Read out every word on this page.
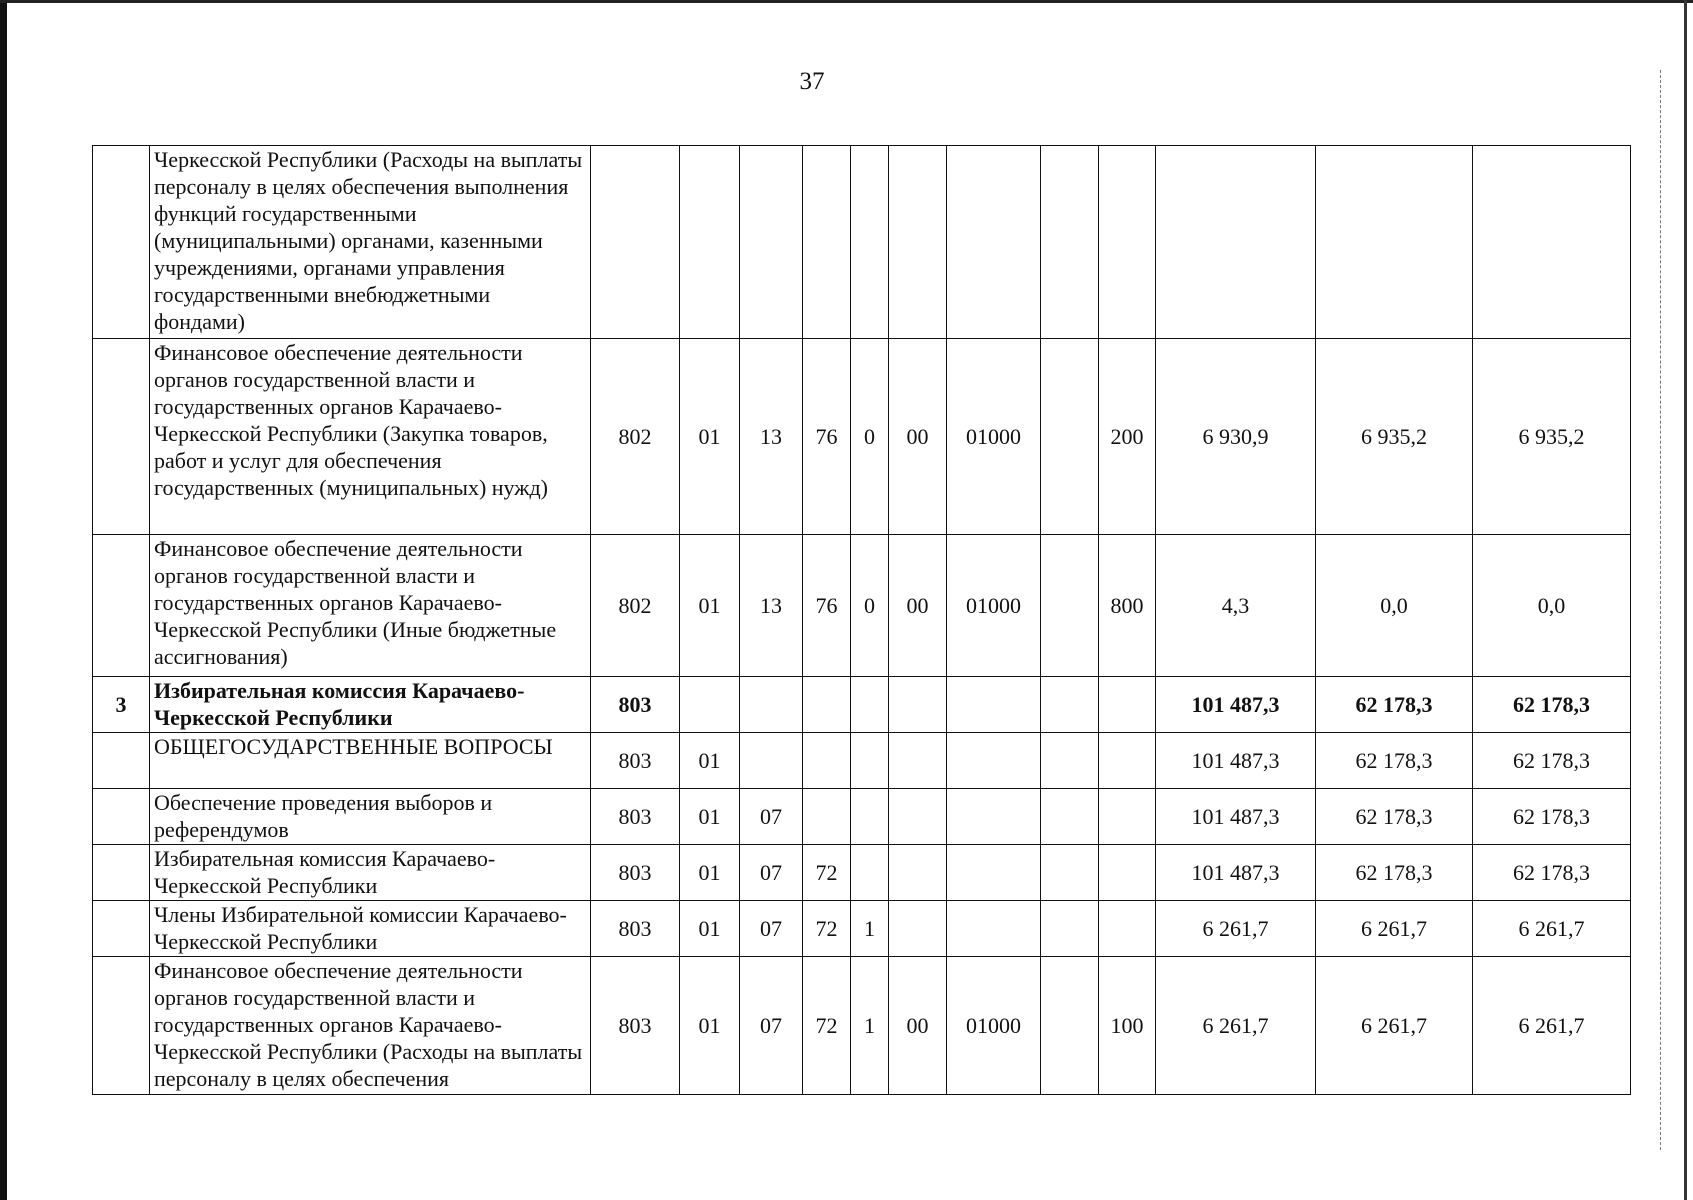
37
	Черкесской Республики (Расходы на выплаты персоналу в целях обеспечения выполнения функций государственными (муниципальными) органами, казенными учреждениями, органами управления государственными внебюджетными фондами)												
	Финансовое обеспечение деятельности органов государственной власти и государственных органов Карачаево-Черкесской Республики (Закупка товаров, работ и услуг для обеспечения государственных (муниципальных) нужд)	802	01	13	76	0	00	01000		200	6 930,9	6 935,2	6 935,2
	Финансовое обеспечение деятельности органов государственной власти и государственных органов Карачаево-Черкесской Республики (Иные бюджетные ассигнования)	802	01	13	76	0	00	01000		800	4,3	0,0	0,0
3	Избирательная комиссия Карачаево-Черкесской Республики	803									101 487,3	62 178,3	62 178,3
	ОБЩЕГОСУДАРСТВЕННЫЕ ВОПРОСЫ	803	01								101 487,3	62 178,3	62 178,3
	Обеспечение проведения выборов и референдумов	803	01	07							101 487,3	62 178,3	62 178,3
	Избирательная комиссия Карачаево-Черкесской Республики	803	01	07	72						101 487,3	62 178,3	62 178,3
	Члены Избирательной комиссии Карачаево-Черкесской Республики	803	01	07	72	1					6 261,7	6 261,7	6 261,7
	Финансовое обеспечение деятельности органов государственной власти и государственных органов Карачаево-Черкесской Республики (Расходы на выплаты персоналу в целях обеспечения	803	01	07	72	1	00	01000		100	6 261,7	6 261,7	6 261,7
